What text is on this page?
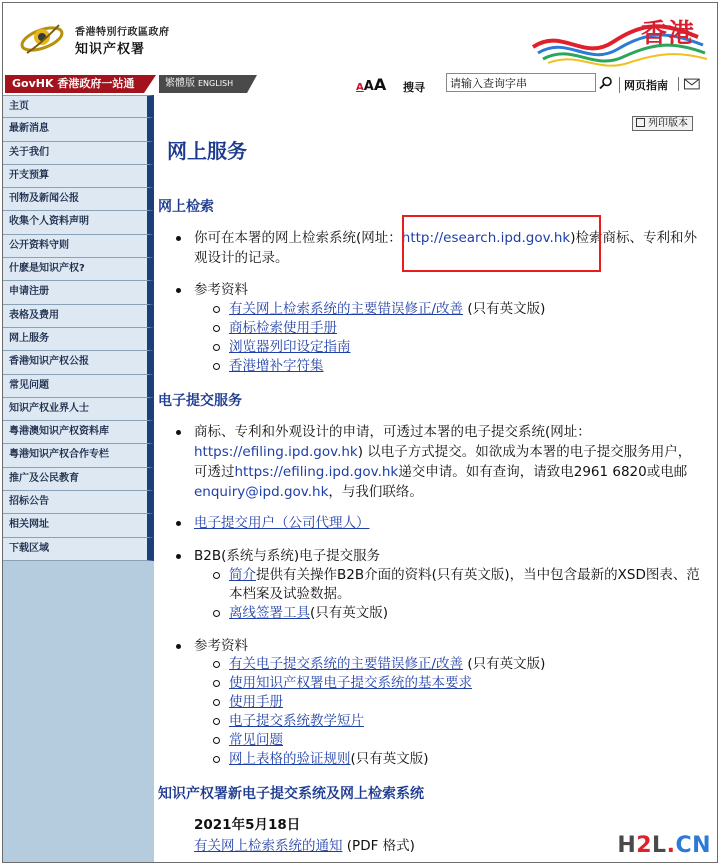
香港特別行政區政府
知识产权署
香港
GovHK 香港政府一站通	繁體版 ENGLISH	AAA 搜寻
请输入查询字串	网页指南
主页
最新消息
关于我们
开支预算
刊物及新闻公报
收集个人资料声明
公开资料守则
什麽是知识产权?
申请注册
表格及费用
网上服务
香港知识产权公报
常见问题
知识产权业界人士
粤港澳知识产权资料库
粤港知识产权合作专栏
推广及公民教育
招标公告
相关网址
下载区域
列印版本
网上服务
网上检索
你可在本署的网上检索系统(网址：http://esearch.ipd.gov.hk)检索商标、专利和外观设计的记录。
参考资料
有关网上检索系统的主要错误修正/改善 (只有英文版)
商标检索使用手册
浏览器列印设定指南
香港增补字符集
电子提交服务
商标、专利和外观设计的申请，可透过本署的电子提交系统(网址：https://efiling.ipd.gov.hk) 以电子方式提交。如欲成为本署的电子提交服务用户，可透过https://efiling.ipd.gov.hk递交申请。如有查询，请致电2961 6820或电邮enquiry@ipd.gov.hk，与我们联络。
电子提交用户（公司代理人）
B2B(系统与系统)电子提交服务
简介提供有关操作B2B介面的资料(只有英文版)，当中包含最新的XSD图表、范本档案及试验数据。
离线签署工具(只有英文版)
参考资料
有关电子提交系统的主要错误修正/改善 (只有英文版)
使用知识产权署电子提交系统的基本要求
使用手册
电子提交系统教学短片
常见问题
网上表格的验证规则(只有英文版)
知识产权署新电子提交系统及网上检索系统
2021年5月18日
有关网上检索系统的通知 (PDF 格式)	H2L.CN
